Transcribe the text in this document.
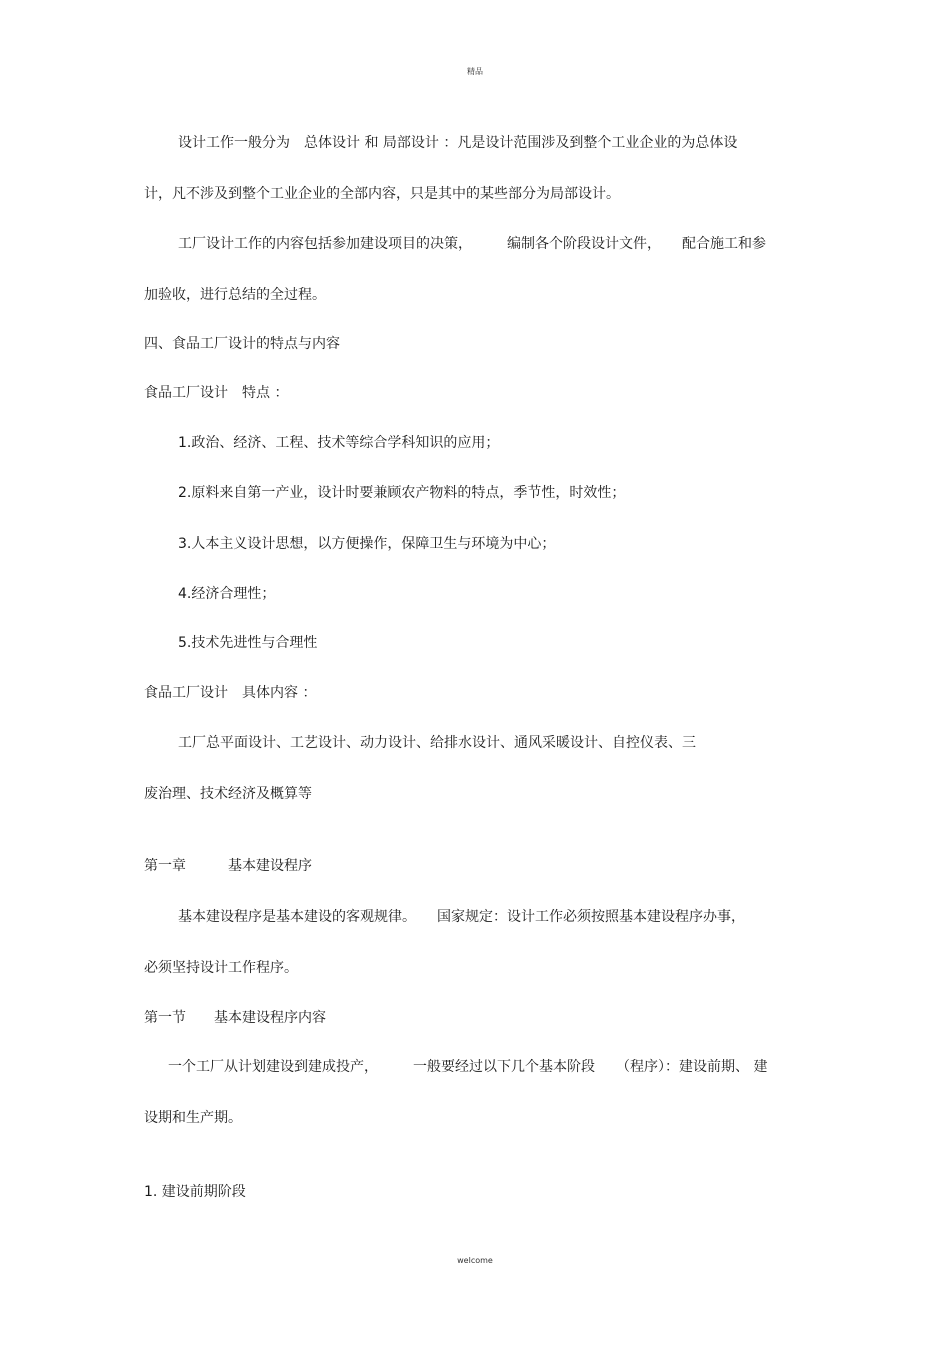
精品
设计工作一般分为　总体设计 和 局部设计 ：凡是设计范围涉及到整个工业企业的为总体设
计，凡不涉及到整个工业企业的全部内容，只是其中的某些部分为局部设计。
工厂设计工作的内容包括参加建设项目的决策，　　　编制各个阶段设计文件，　　配合施工和参
加验收，进行总结的全过程。
四、食品工厂设计的特点与内容
食品工厂设计　特点 ：
1.政治、经济、工程、技术等综合学科知识的应用；
2.原料来自第一产业，设计时要兼顾农产物料的特点，季节性，时效性；
3.人本主义设计思想，以方便操作，保障卫生与环境为中心；
4.经济合理性；
5.技术先进性与合理性
食品工厂设计　具体内容 ：
工厂总平面设计、工艺设计、动力设计、给排水设计、通风采暖设计、自控仪表、三
废治理、技术经济及概算等
第一章　　　基本建设程序
基本建设程序是基本建设的客观规律。　　国家规定：设计工作必须按照基本建设程序办事，
必须坚持设计工作程序。
第一节　　基本建设程序内容
一个工厂从计划建设到建成投产，　　　一般要经过以下几个基本阶段　　（程序）：建设前期、 建
设期和生产期。
1. 建设前期阶段
welcome
